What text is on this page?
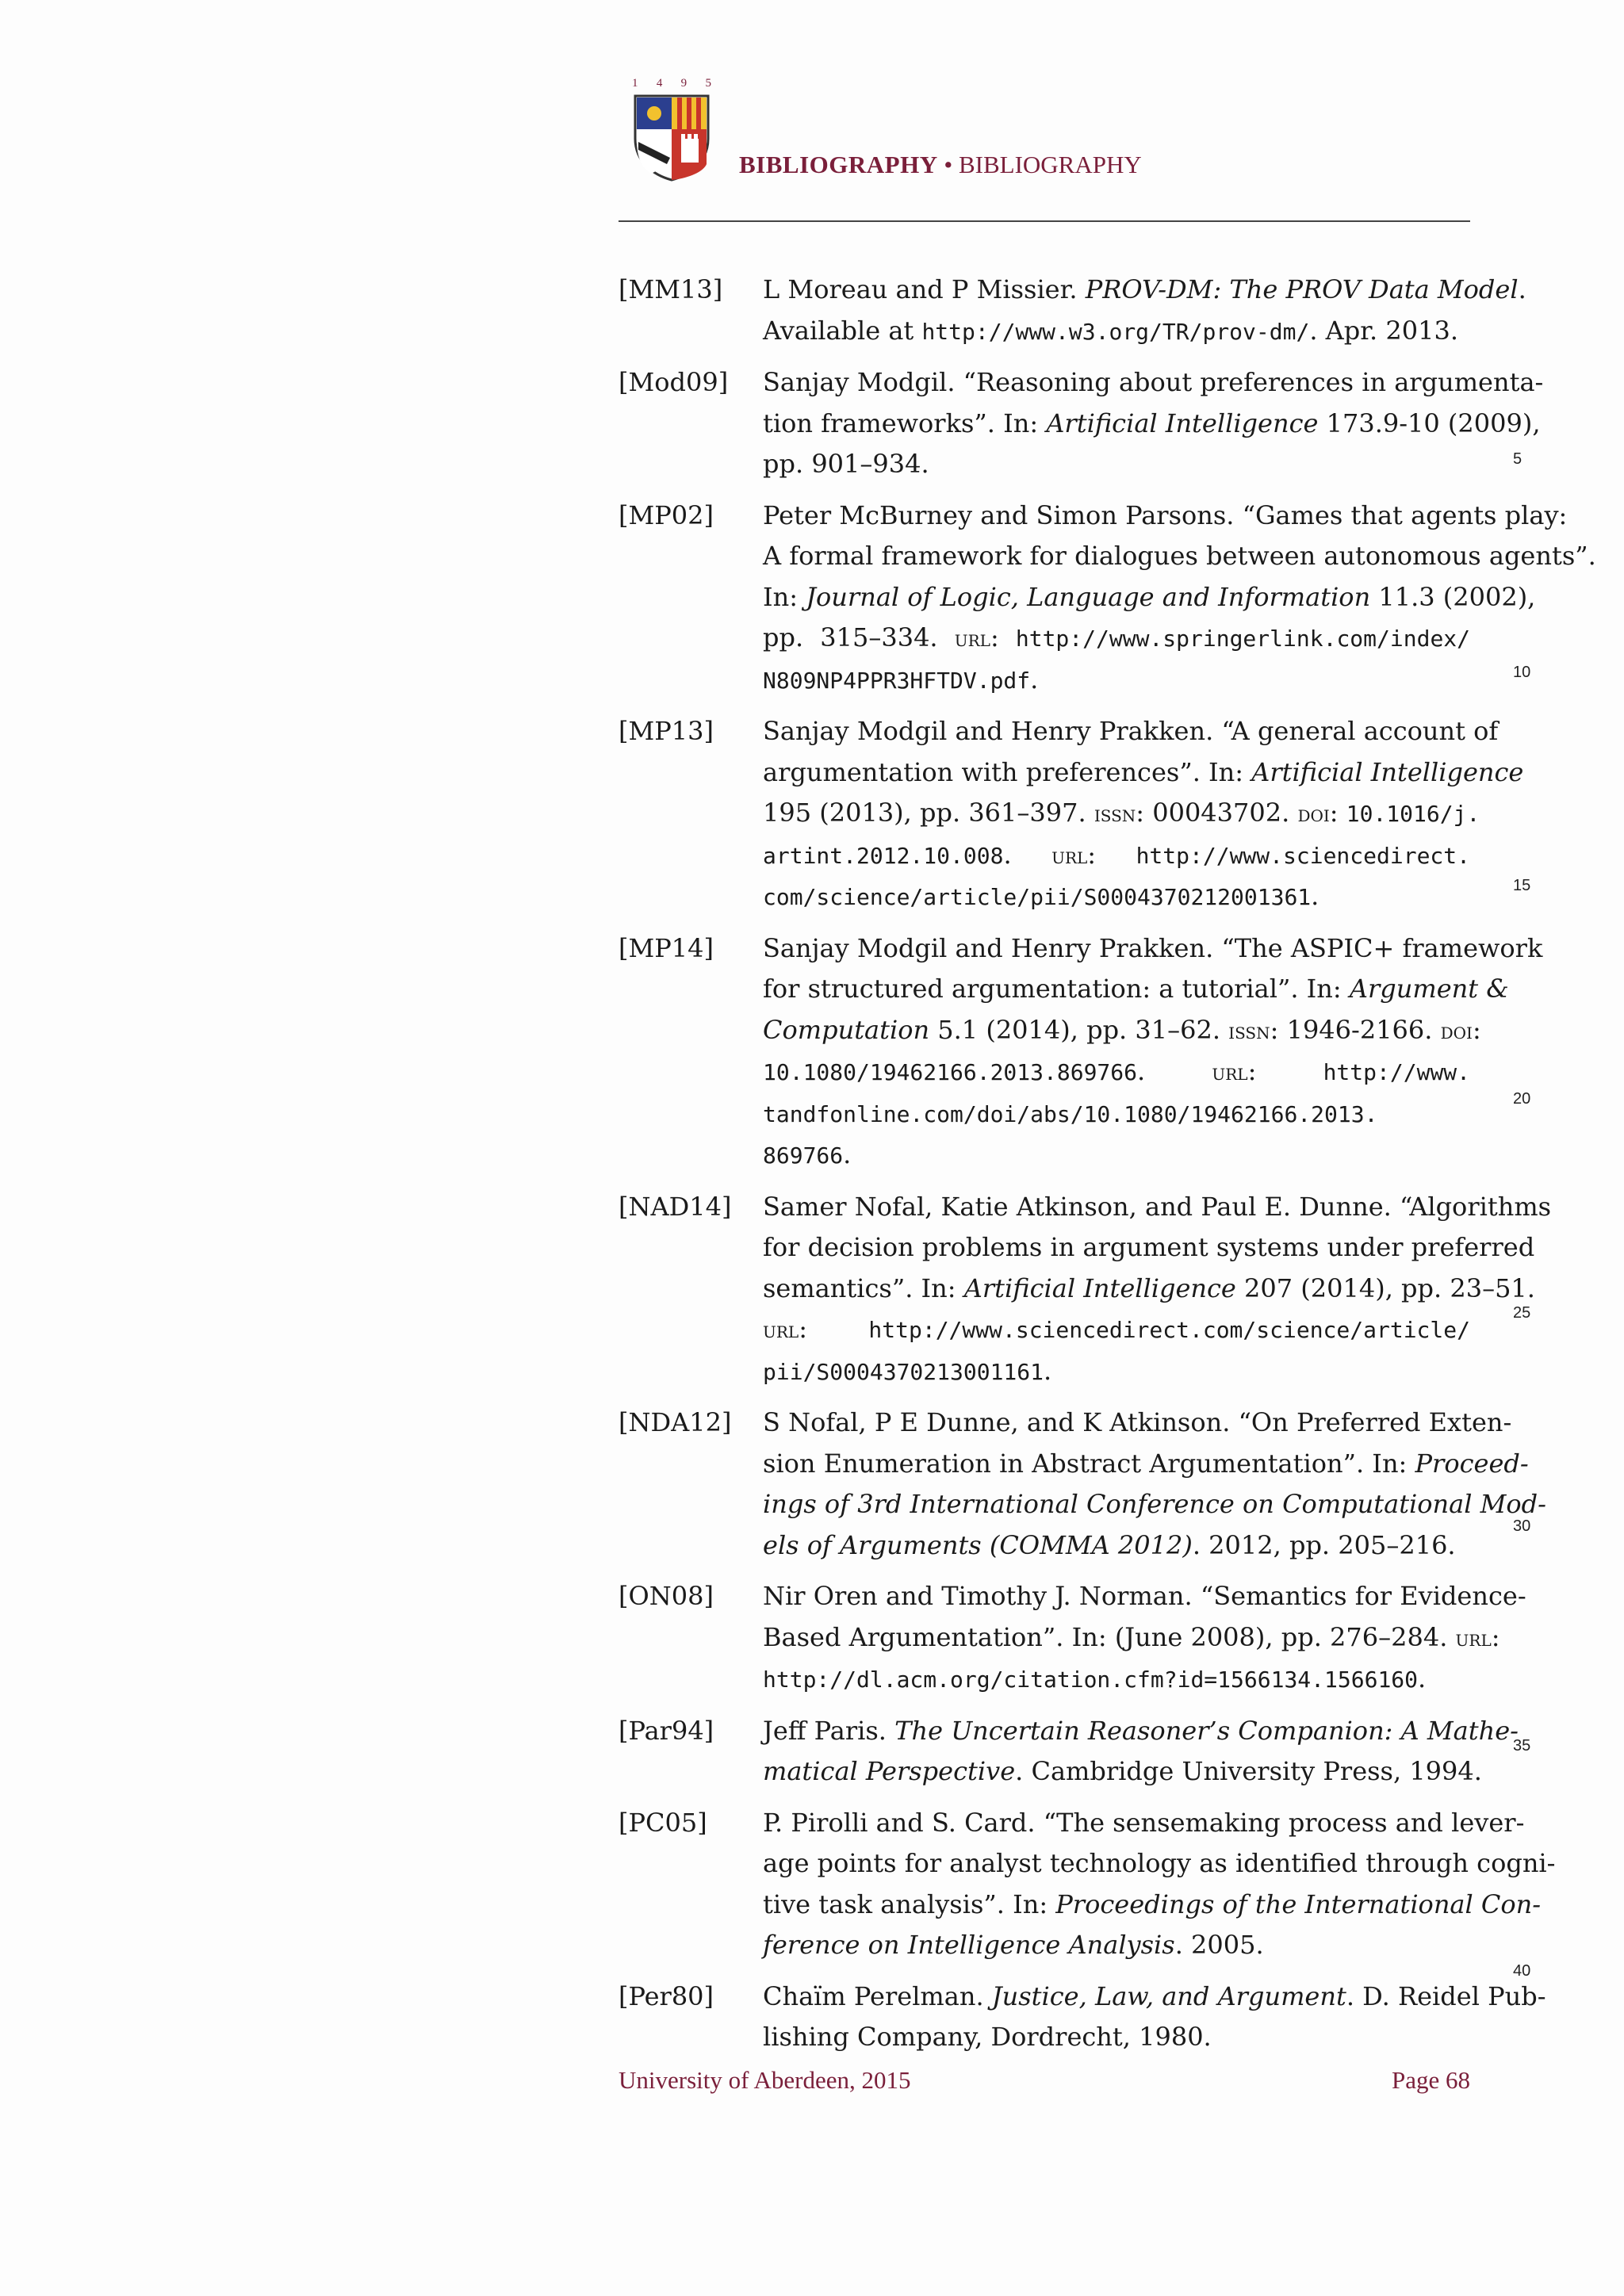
1 4 9 5
BIBLIOGRAPHY • BIBLIOGRAPHY
[MM13]	L Moreau and P Missier. PROV-DM: The PROV Data Model.
Available at http://www.w3.org/TR/prov-dm/. Apr. 2013.
[Mod09]	Sanjay Modgil. “Reasoning about preferences in argumenta-
tion frameworks”. In: Artificial Intelligence 173.9-10 (2009),
pp. 901–934.
[MP02]	Peter McBurney and Simon Parsons. “Games that agents play:
A formal framework for dialogues between autonomous agents”.
In: Journal of Logic, Language and Information 11.3 (2002),
pp. 315–334. url: http://www.springerlink.com/index/
N809NP4PPR3HFTDV.pdf.
[MP13]	Sanjay Modgil and Henry Prakken. “A general account of
argumentation with preferences”. In: Artificial Intelligence
195 (2013), pp. 361–397. issn: 00043702. doi: 10.1016/j.
artint.2012.10.008. url: http://www.sciencedirect.
com/science/article/pii/S0004370212001361.
[MP14]	Sanjay Modgil and Henry Prakken. “The ASPIC+ framework
for structured argumentation: a tutorial”. In: Argument &
Computation 5.1 (2014), pp. 31–62. issn: 1946-2166. doi:
10.1080/19462166.2013.869766. url: http://www.
tandfonline.com/doi/abs/10.1080/19462166.2013.
869766.
[NAD14]	Samer Nofal, Katie Atkinson, and Paul E. Dunne. “Algorithms
for decision problems in argument systems under preferred
semantics”. In: Artificial Intelligence 207 (2014), pp. 23–51.
url: http://www.sciencedirect.com/science/article/
pii/S0004370213001161.
[NDA12]	S Nofal, P E Dunne, and K Atkinson. “On Preferred Exten-
sion Enumeration in Abstract Argumentation”. In: Proceed-
ings of 3rd International Conference on Computational Mod-
els of Arguments (COMMA 2012). 2012, pp. 205–216.
[ON08]	Nir Oren and Timothy J. Norman. “Semantics for Evidence-
Based Argumentation”. In: (June 2008), pp. 276–284. url:
http://dl.acm.org/citation.cfm?id=1566134.1566160.
[Par94]	Jeff Paris. The Uncertain Reasoner’s Companion: A Mathe-
matical Perspective. Cambridge University Press, 1994.
[PC05]	P. Pirolli and S. Card. “The sensemaking process and lever-
age points for analyst technology as identified through cogni-
tive task analysis”. In: Proceedings of the International Con-
ference on Intelligence Analysis. 2005.
[Per80]	Chaïm Perelman. Justice, Law, and Argument. D. Reidel Pub-
lishing Company, Dordrecht, 1980.
5
10
15
20
25
30
35
40
University of Aberdeen, 2015	Page 68
